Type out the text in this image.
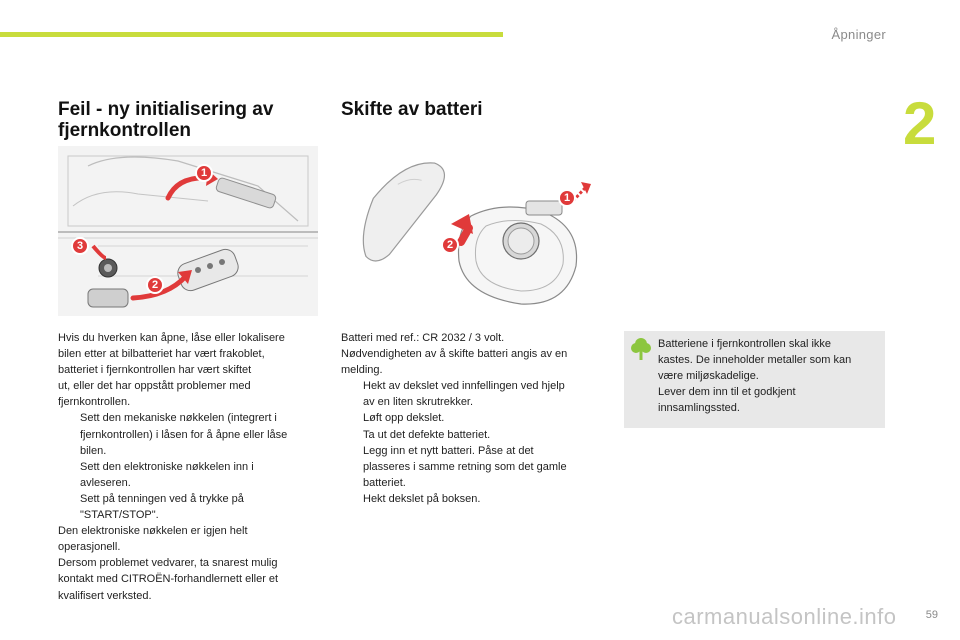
Åpninger
2
Feil - ny initialisering av fjernkontrollen
1
2
3
Hvis du hverken kan åpne, låse eller lokalisere
bilen etter at bilbatteriet har vært frakoblet,
batteriet i fjernkontrollen har vært skiftet
ut, eller det har oppstått problemer med
fjernkontrollen.
Sett den mekaniske nøkkelen (integrert i
fjernkontrollen) i låsen for å åpne eller låse
bilen.
Sett den elektroniske nøkkelen inn i
avleseren.
Sett på tenningen ved å trykke på
"START/STOP".
Den elektroniske nøkkelen er igjen helt
operasjonell.
Dersom problemet vedvarer, ta snarest mulig
kontakt med CITROËN-forhandlernett eller et
kvalifisert verksted.
Skifte av batteri
1
2
Batteri med ref.: CR 2032 / 3 volt.
Nødvendigheten av å skifte batteri angis av en
melding.
Hekt av dekslet ved innfellingen ved hjelp
av en liten skrutrekker.
Løft opp dekslet.
Ta ut det defekte batteriet.
Legg inn et nytt batteri. Påse at det
plasseres i samme retning som det gamle
batteriet.
Hekt dekslet på boksen.
Batteriene i fjernkontrollen skal ikke
kastes. De inneholder metaller som kan
være miljøskadelige.
Lever dem inn til et godkjent
innsamlingssted.
59
carmanualsonline.info
